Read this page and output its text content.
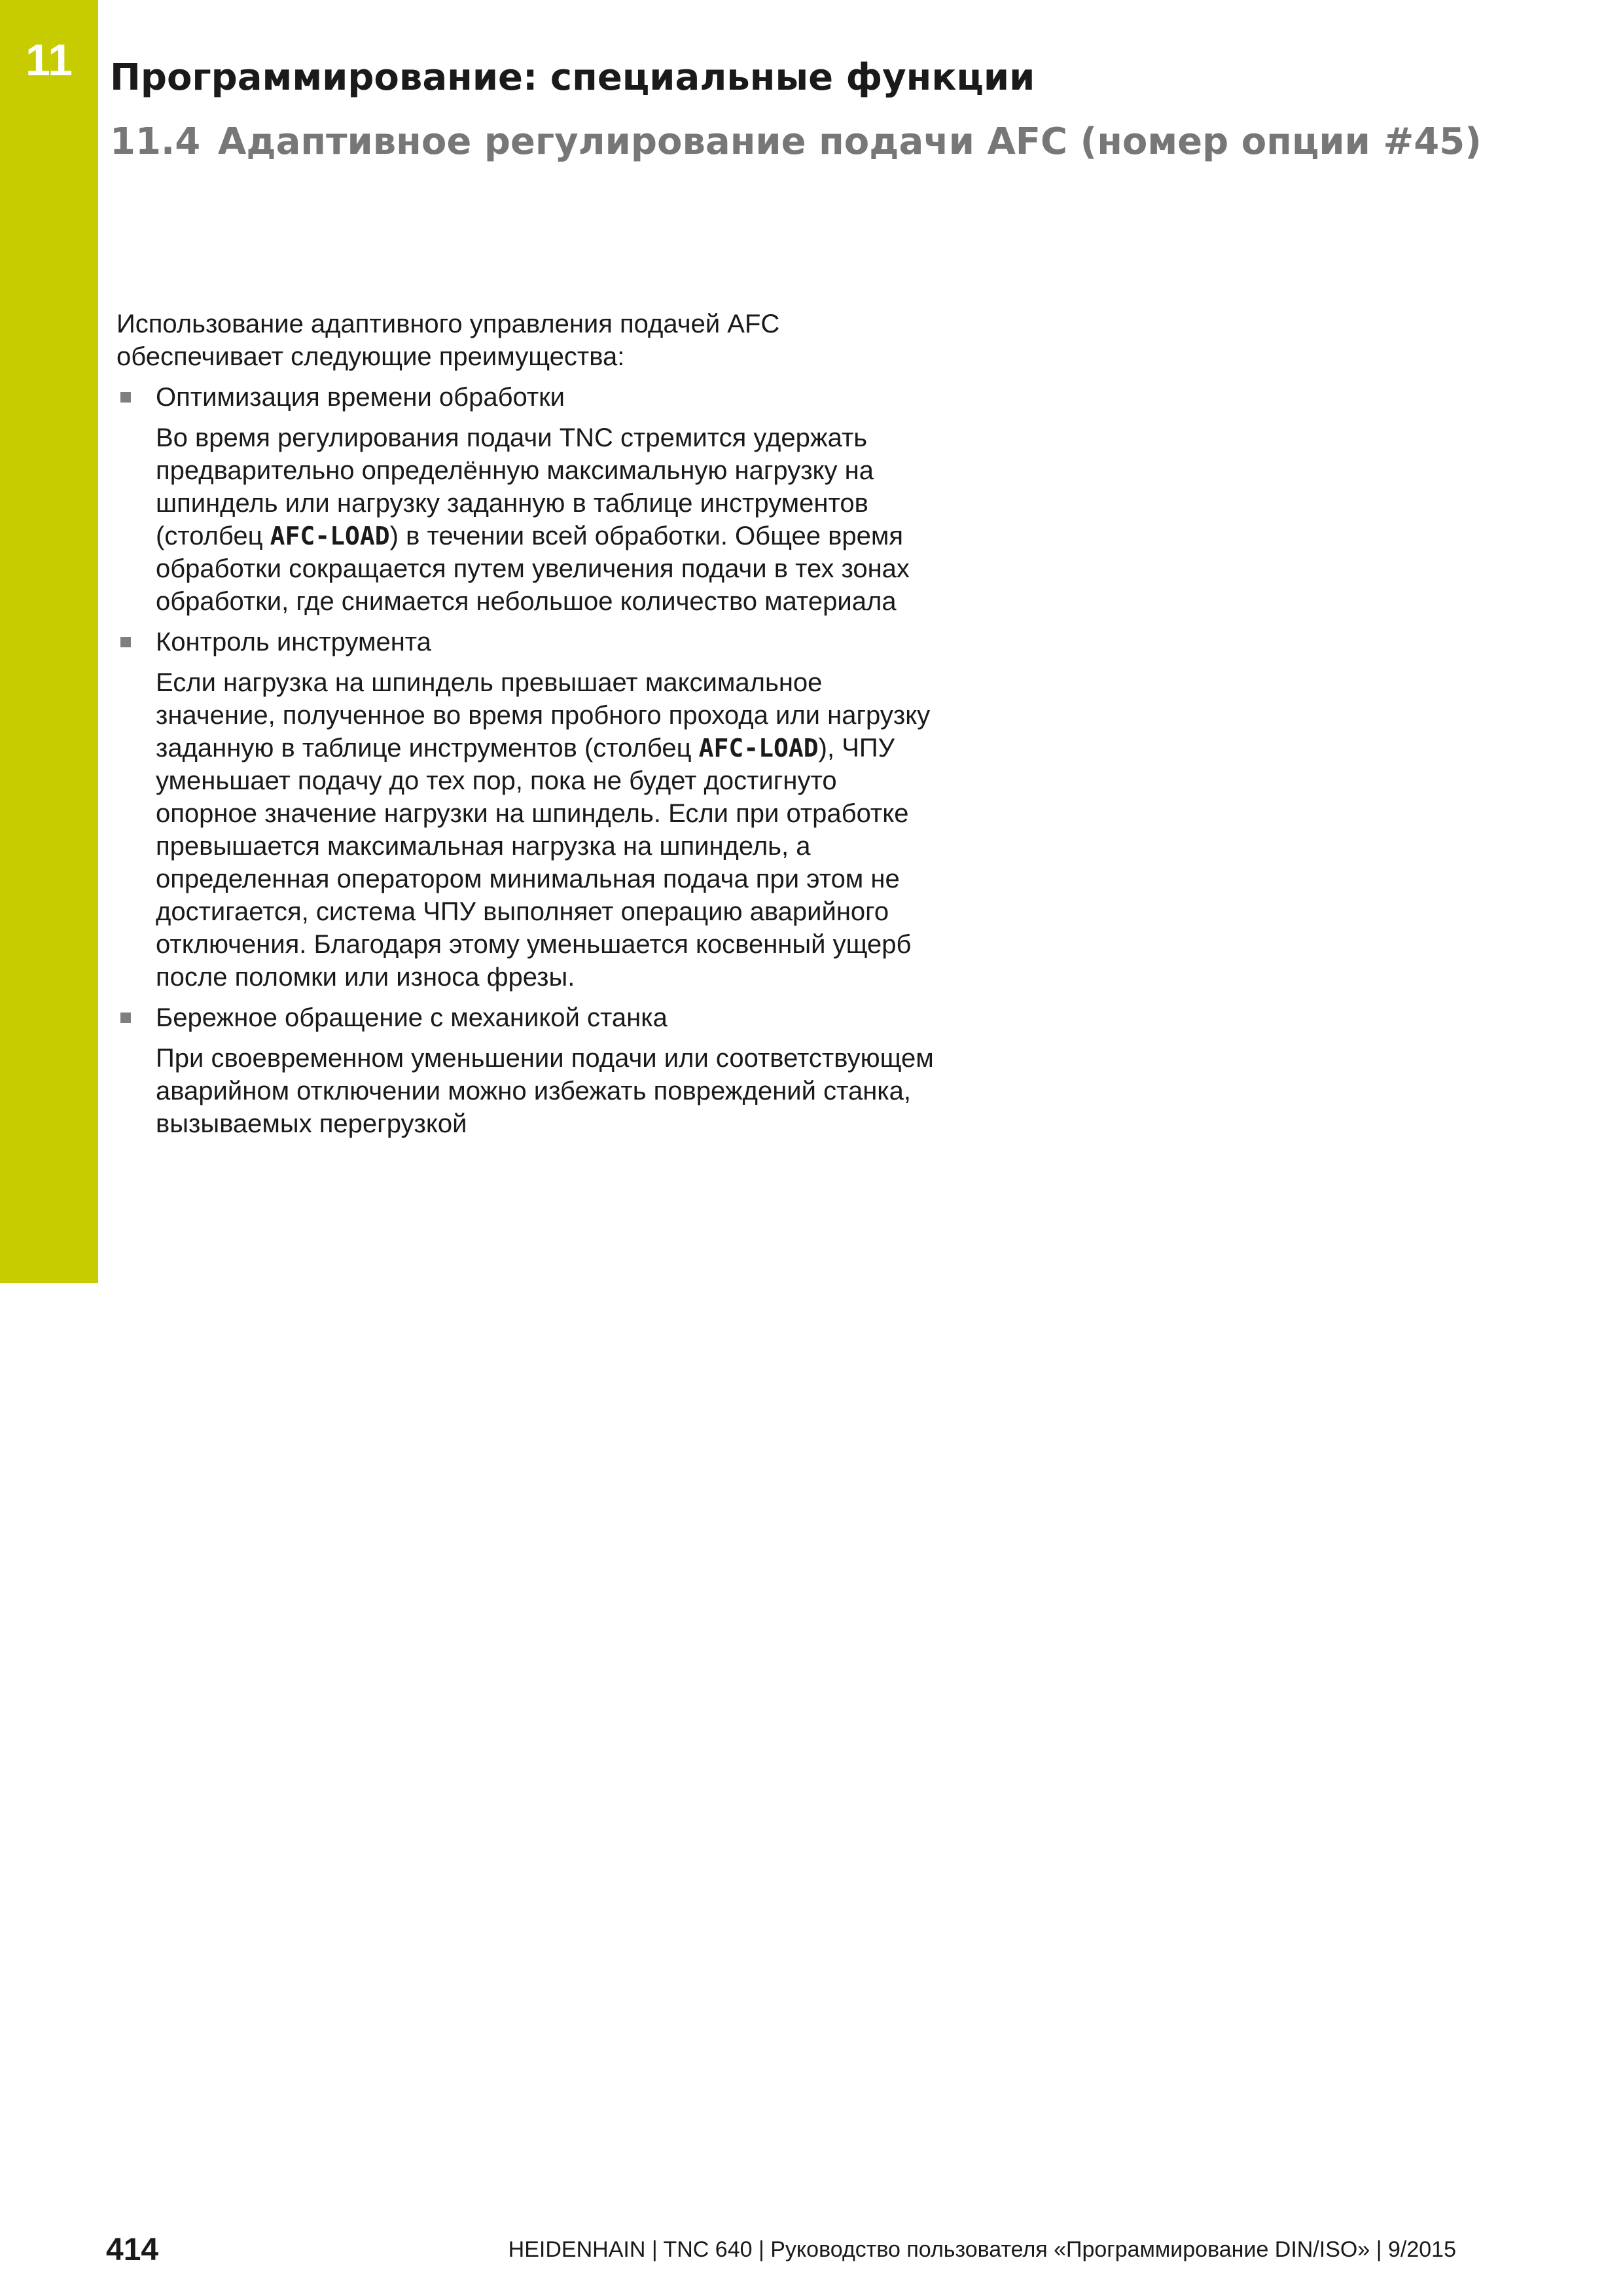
11	Программирование: специальные функции
11.4 Адаптивное регулирование подачи AFC (номер опции #45)

Использование адаптивного управления подачей AFC обеспечивает следующие преимущества:

Оптимизация времени обработки

Во время регулирования подачи TNC стремится удержать предварительно определённую максимальную нагрузку на шпиндель или нагрузку заданную в таблице инструментов (столбец AFC-LOAD) в течении всей обработки. Общее время обработки сокращается путем увеличения подачи в тех зонах обработки, где снимается небольшое количество материала

Контроль инструмента

Если нагрузка на шпиндель превышает максимальное значение, полученное во время пробного прохода или нагрузку заданную в таблице инструментов (столбец AFC-LOAD), ЧПУ уменьшает подачу до тех пор, пока не будет достигнуто опорное значение нагрузки на шпиндель. Если при отработке превышается максимальная нагрузка на шпиндель, а определенная оператором минимальная подача при этом не достигается, система ЧПУ выполняет операцию аварийного отключения. Благодаря этому уменьшается косвенный ущерб после поломки или износа фрезы.

Бережное обращение с механикой станка

При своевременном уменьшении подачи или соответствующем аварийном отключении можно избежать повреждений станка, вызываемых перегрузкой

414	HEIDENHAIN | TNC 640 | Руководство пользователя «Программирование DIN/ISO» | 9/2015
